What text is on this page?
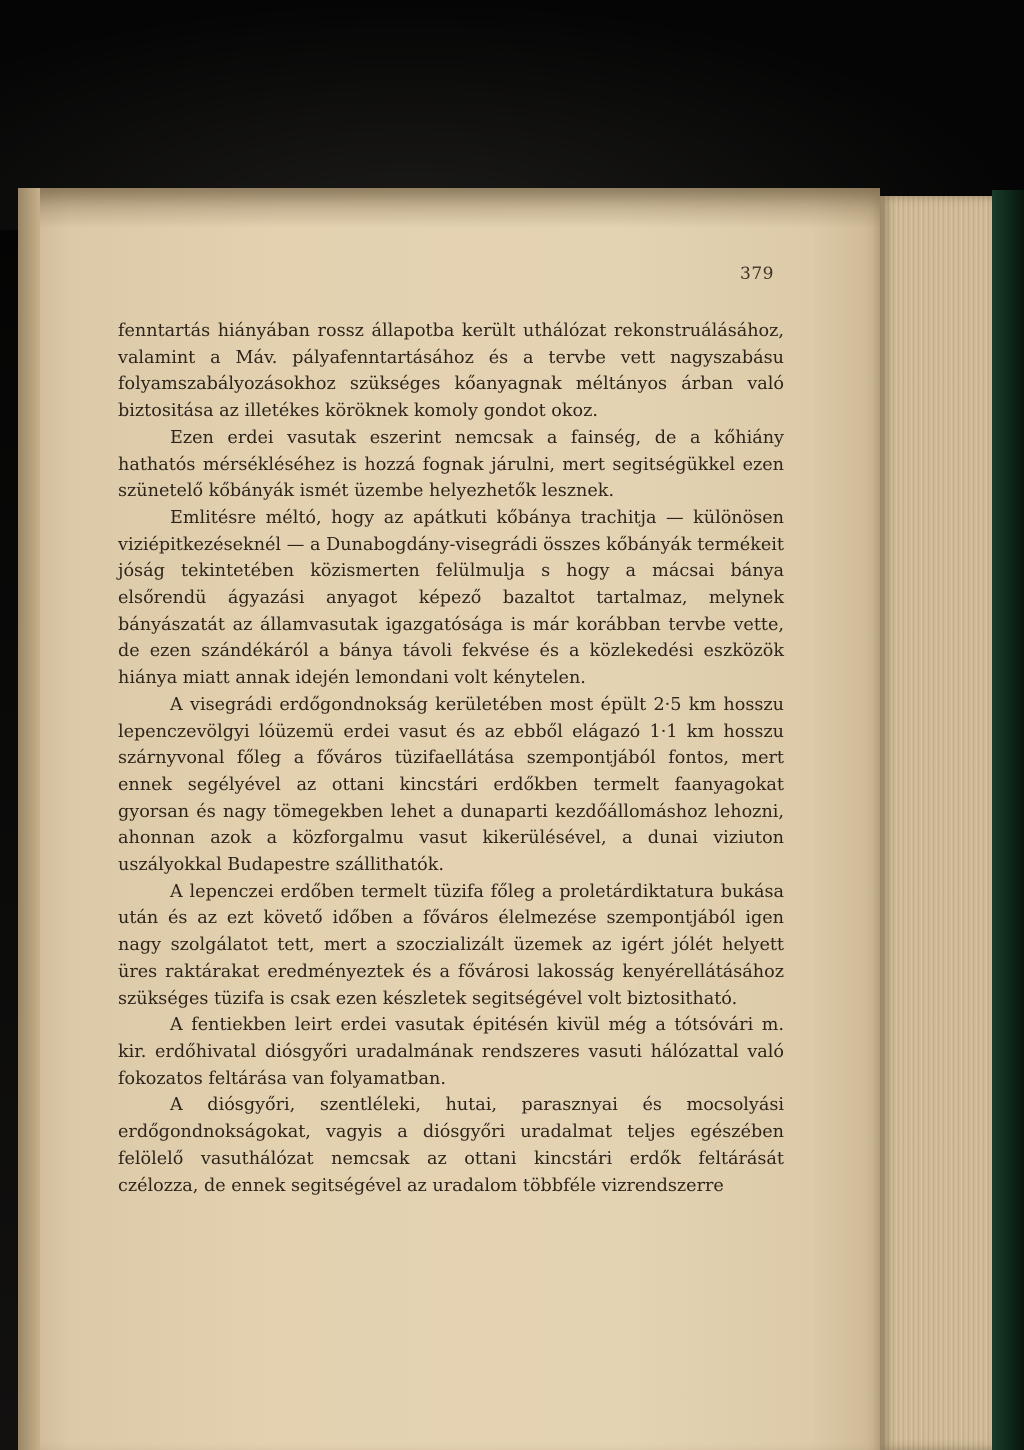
379

fenntartás hiányában rossz állapotba került uthálózat rekonstruálásához, valamint a Máv. pályafenntartásához és a tervbe vett nagyszabásu folyamszabályozásokhoz szükséges kőanyagnak méltányos árban való biztositása az illetékes köröknek komoly gondot okoz.

Ezen erdei vasutak eszerint nemcsak a fainség, de a kőhiány hathatós mérsékléséhez is hozzá fognak járulni, mert segitségükkel ezen szünetelő kőbányák ismét üzembe helyezhetők lesznek.

Emlitésre méltó, hogy az apátkuti kőbánya trachitja — különösen viziépitkezéseknél — a Dunabogdány-visegrádi összes kőbányák termékeit jóság tekintetében közismerten felülmulja s hogy a mácsai bánya elsőrendü ágyazási anyagot képező bazaltot tartalmaz, melynek bányászatát az államvasutak igazgatósága is már korábban tervbe vette, de ezen szándékáról a bánya távoli fekvése és a közlekedési eszközök hiánya miatt annak idején lemondani volt kénytelen.

A visegrádi erdőgondnokság kerületében most épült 2·5 km hosszu lepenczevölgyi lóüzemü erdei vasut és az ebből elágazó 1·1 km hosszu szárnyvonal főleg a főváros tüzifaellátása szempontjából fontos, mert ennek segélyével az ottani kincstári erdőkben termelt faanyagokat gyorsan és nagy tömegekben lehet a dunaparti kezdőállomáshoz lehozni, ahonnan azok a közforgalmu vasut kikerülésével, a dunai viziuton uszályokkal Budapestre szállithatók.

A lepenczei erdőben termelt tüzifa főleg a proletárdiktatura bukása után és az ezt követő időben a főváros élelmezése szempontjából igen nagy szolgálatot tett, mert a szoczializált üzemek az igért jólét helyett üres raktárakat eredményeztek és a fővárosi lakosság kenyérellátásához szükséges tüzifa is csak ezen készletek segitségével volt biztositható.

A fentiekben leirt erdei vasutak épitésén kivül még a tótsóvári m. kir. erdőhivatal diósgyőri uradalmának rendszeres vasuti hálózattal való fokozatos feltárása van folyamatban.

A diósgyőri, szentléleki, hutai, parasznyai és mocsolyási erdőgondnokságokat, vagyis a diósgyőri uradalmat teljes egészében felölelő vasuthálózat nemcsak az ottani kincstári erdők feltárását czélozza, de ennek segitségével az uradalom többféle vizrendszerre
